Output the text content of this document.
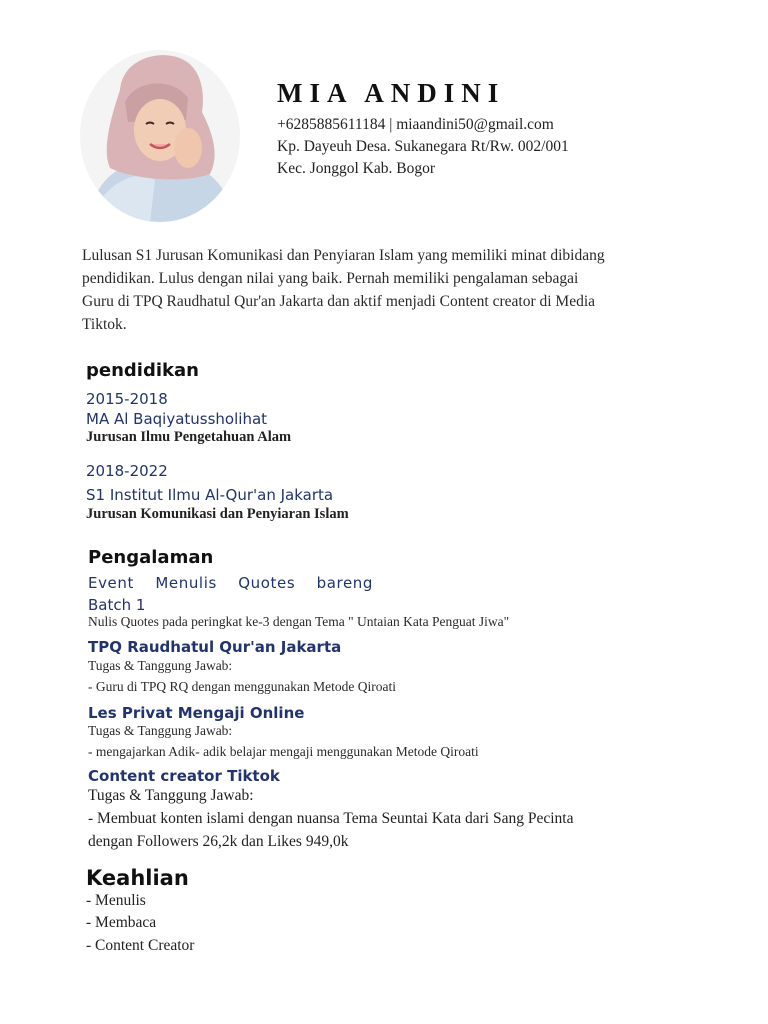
MIA ANDINI
+6285885611184 | miaandini50@gmail.com
Kp. Dayeuh Desa. Sukanegara Rt/Rw. 002/001
Kec. Jonggol Kab. Bogor
Lulusan S1 Jurusan Komunikasi dan Penyiaran Islam yang memiliki minat dibidang
pendidikan. Lulus dengan nilai yang baik. Pernah memiliki pengalaman sebagai
Guru di TPQ Raudhatul Qur'an Jakarta dan aktif menjadi Content creator di Media
Tiktok.
pendidikan
2015-2018
MA Al Baqiyatussholihat
Jurusan Ilmu Pengetahuan Alam
2018-2022
S1 Institut Ilmu Al-Qur'an Jakarta
Jurusan Komunikasi dan Penyiaran Islam
Pengalaman
Event Menulis Quotes bareng
Batch 1
Nulis Quotes pada peringkat ke-3 dengan Tema " Untaian Kata Penguat Jiwa"
TPQ Raudhatul Qur'an Jakarta
Tugas & Tanggung Jawab:
- Guru di TPQ RQ dengan menggunakan Metode Qiroati
Les Privat Mengaji Online
Tugas & Tanggung Jawab:
- mengajarkan Adik- adik belajar mengaji menggunakan Metode Qiroati
Content creator Tiktok
Tugas & Tanggung Jawab:
- Membuat konten islami dengan nuansa Tema Seuntai Kata dari Sang Pecinta
dengan Followers 26,2k dan Likes 949,0k
Keahlian
- Menulis
- Membaca
- Content Creator
